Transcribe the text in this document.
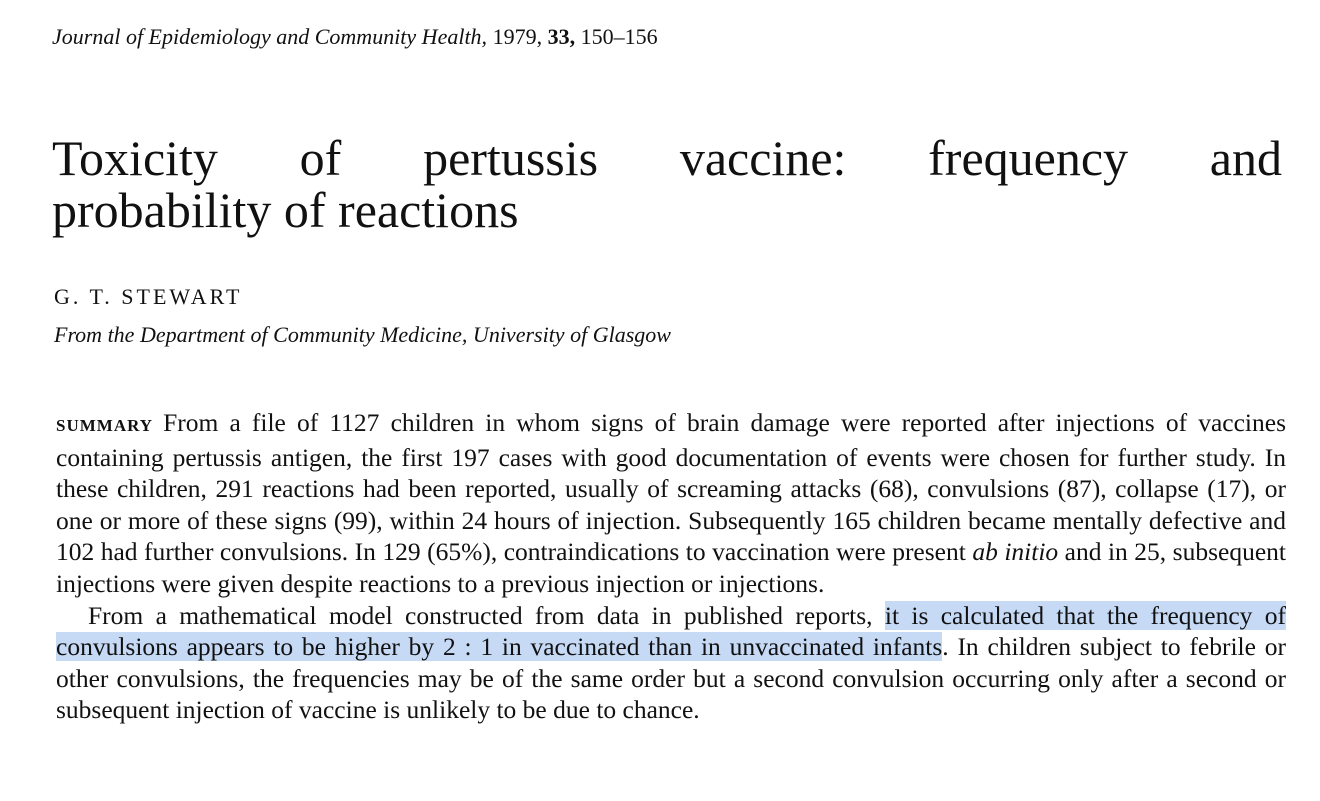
Journal of Epidemiology and Community Health, 1979, 33, 150–156
Toxicity of pertussis vaccine: frequency and
probability of reactions
G. T. STEWART
From the Department of Community Medicine, University of Glasgow

SUMMARY From a file of 1127 children in whom signs of brain damage were reported after injections of vaccines containing pertussis antigen, the first 197 cases with good documentation of events were chosen for further study. In these children, 291 reactions had been reported, usually of screaming attacks (68), convulsions (87), collapse (17), or one or more of these signs (99), within 24 hours of injection. Subsequently 165 children became mentally defective and 102 had further convulsions. In 129 (65%), contraindications to vaccination were present ab initio and in 25, subsequent injections were given despite reactions to a previous injection or injections.

From a mathematical model constructed from data in published reports, it is calculated that the frequency of convulsions appears to be higher by 2 : 1 in vaccinated than in unvaccinated infants. In children subject to febrile or other convulsions, the frequencies may be of the same order but a second convulsion occurring only after a second or subsequent injection of vaccine is unlikely to be due to chance.
